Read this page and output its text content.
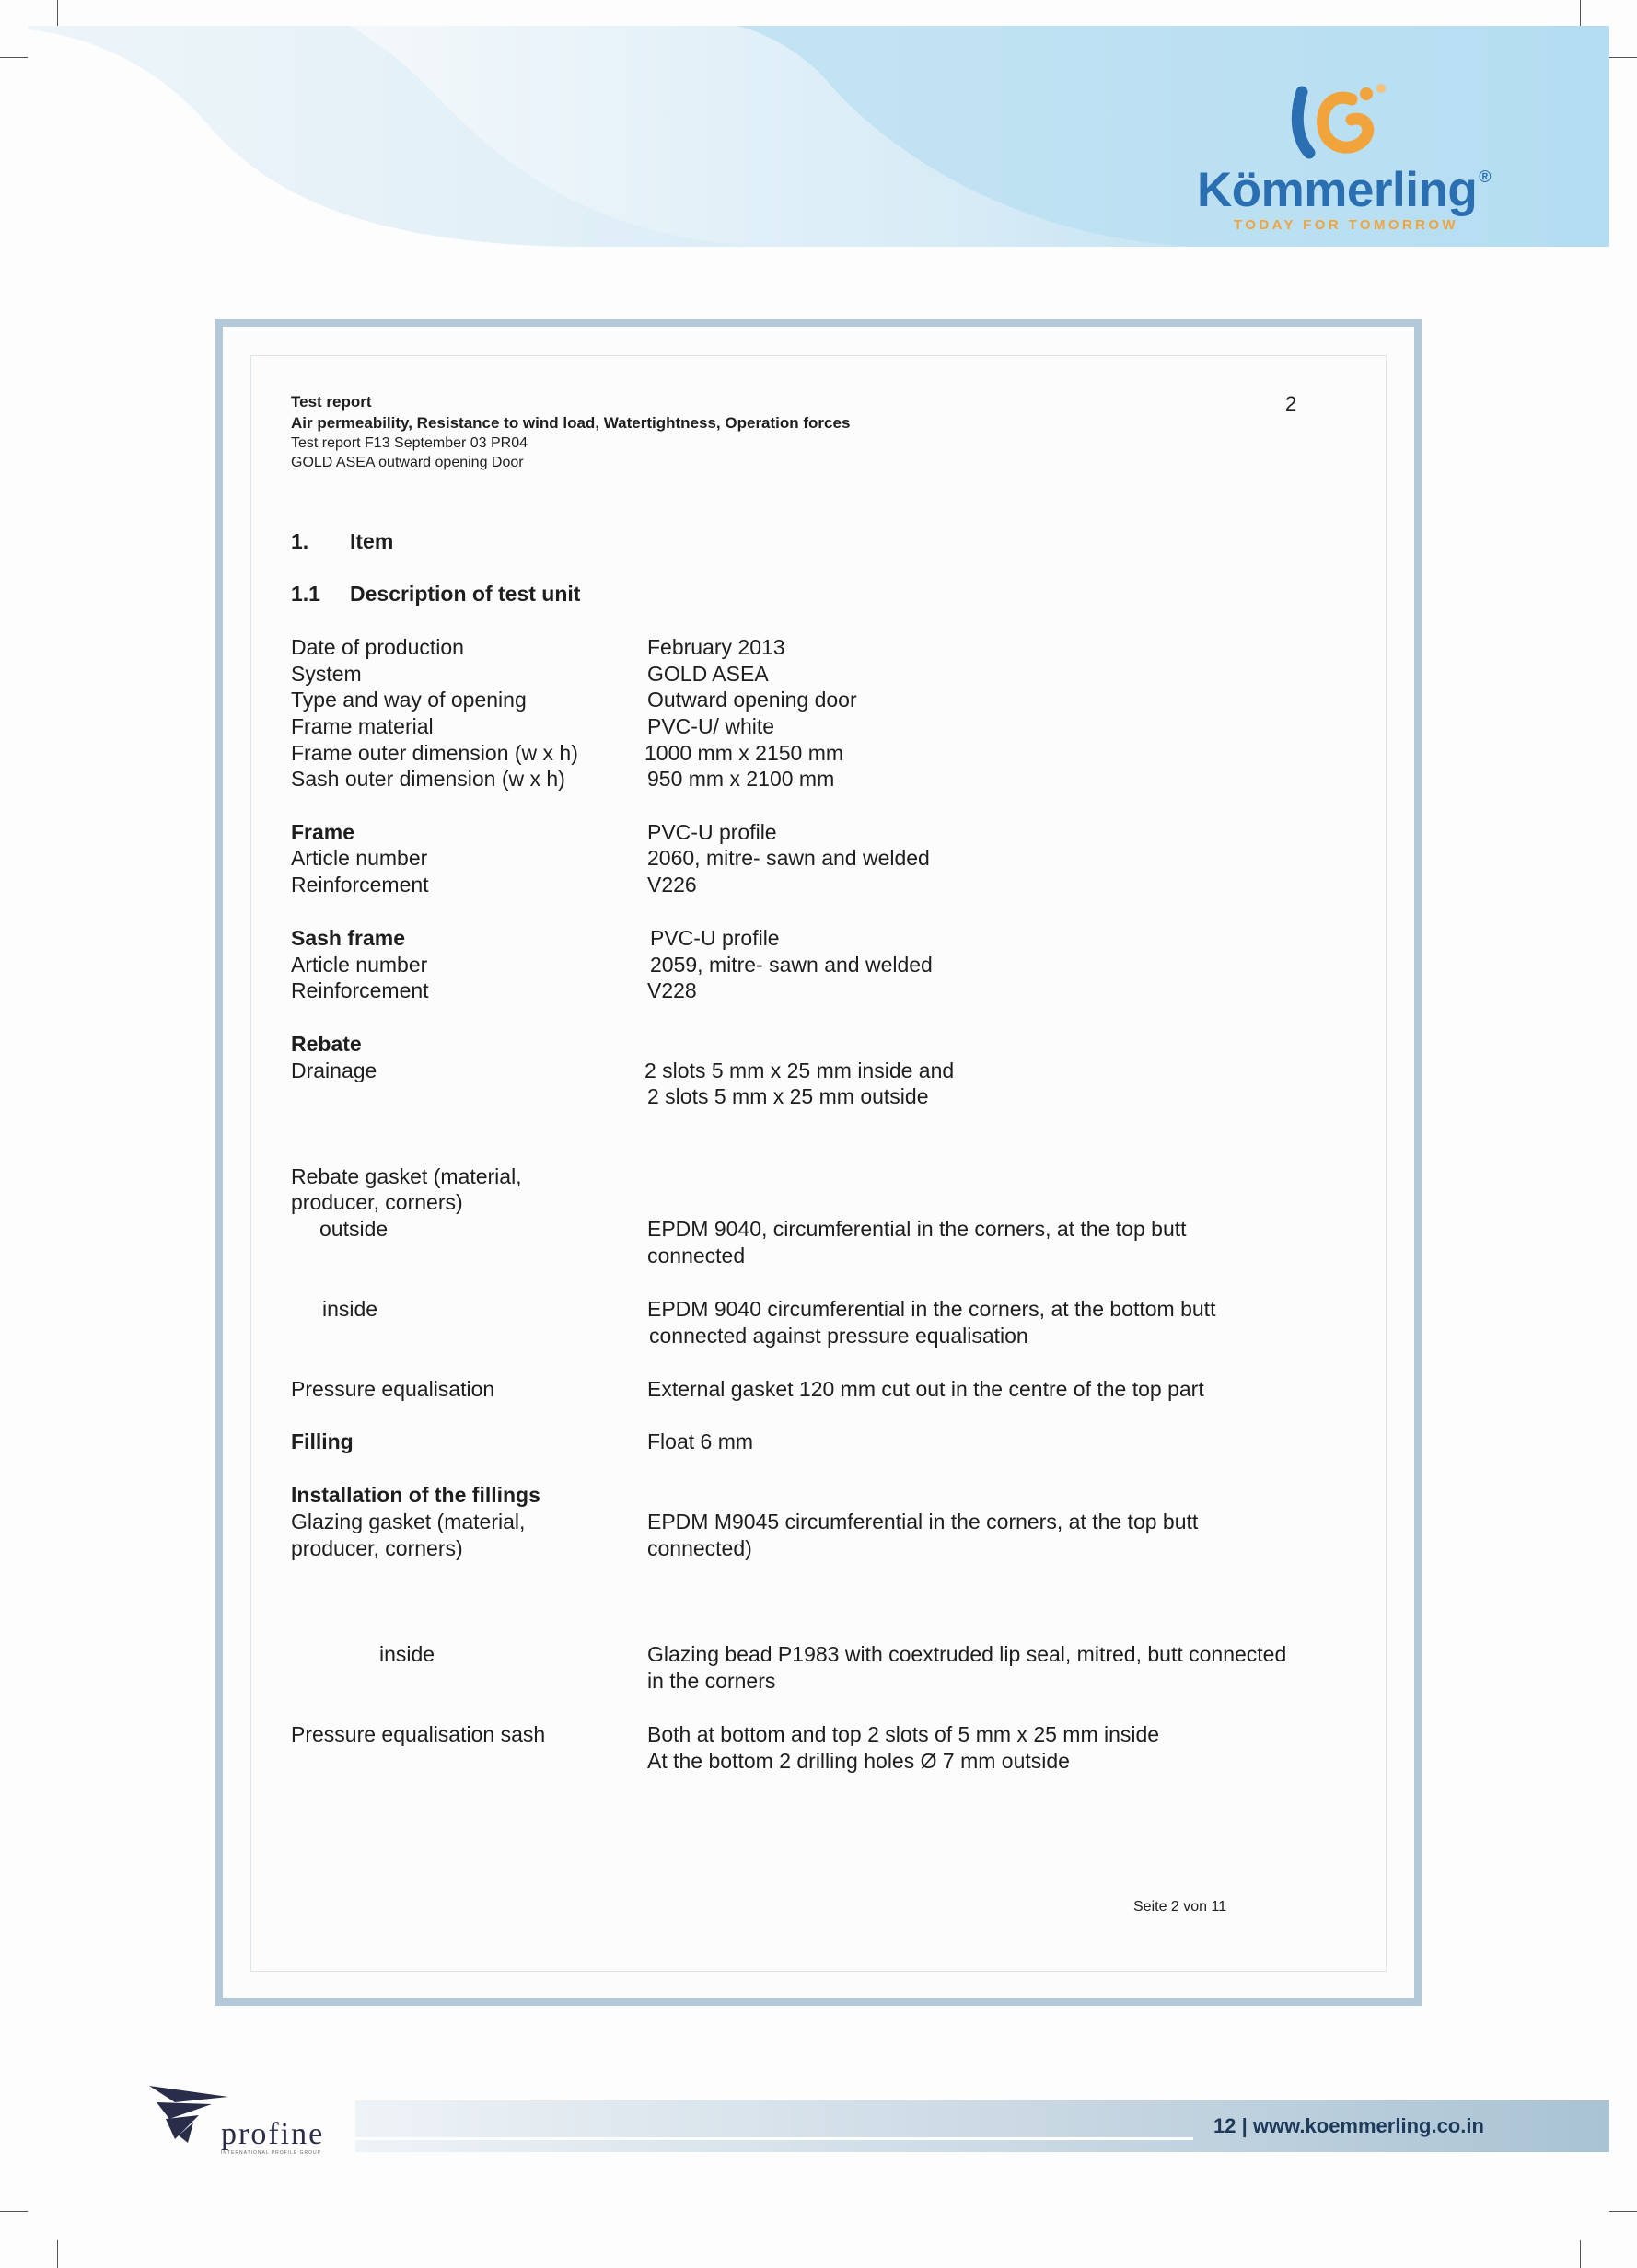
Kömmerling ®
TODAY FOR TOMORROW
Test report
Air permeability, Resistance to wind load, Watertightness, Operation forces
Test report F13 September 03 PR04
GOLD ASEA outward opening Door
2
1. Item
1.1 Description of test unit
Date of production	February 2013
System	GOLD ASEA
Type and way of opening	Outward opening door
Frame material	PVC-U/ white
Frame outer dimension (w x h)	1000 mm x 2150 mm
Sash outer dimension (w x h)	950 mm x 2100 mm
Frame	PVC-U profile
Article number	2060, mitre- sawn and welded
Reinforcement	V226
Sash frame	PVC-U profile
Article number	2059, mitre- sawn and welded
Reinforcement	V228
Rebate
Drainage	2 slots 5 mm x 25 mm inside and
2 slots 5 mm x 25 mm outside
Rebate gasket (material,
producer, corners)
outside	EPDM 9040, circumferential in the corners, at the top butt
connected
inside	EPDM 9040 circumferential in the corners, at the bottom butt
connected against pressure equalisation
Pressure equalisation	External gasket 120 mm cut out in the centre of the top part
Filling	Float 6 mm
Installation of the fillings
Glazing gasket (material,	EPDM M9045 circumferential in the corners, at the top butt
producer, corners)	connected)
inside	Glazing bead P1983 with coextruded lip seal, mitred, butt connected
in the corners
Pressure equalisation sash	Both at bottom and top 2 slots of 5 mm x 25 mm inside
At the bottom 2 drilling holes Ø 7 mm outside
Seite 2 von 11
12 | www.koemmerling.co.in
profine
INTERNATIONAL PROFILE GROUP
